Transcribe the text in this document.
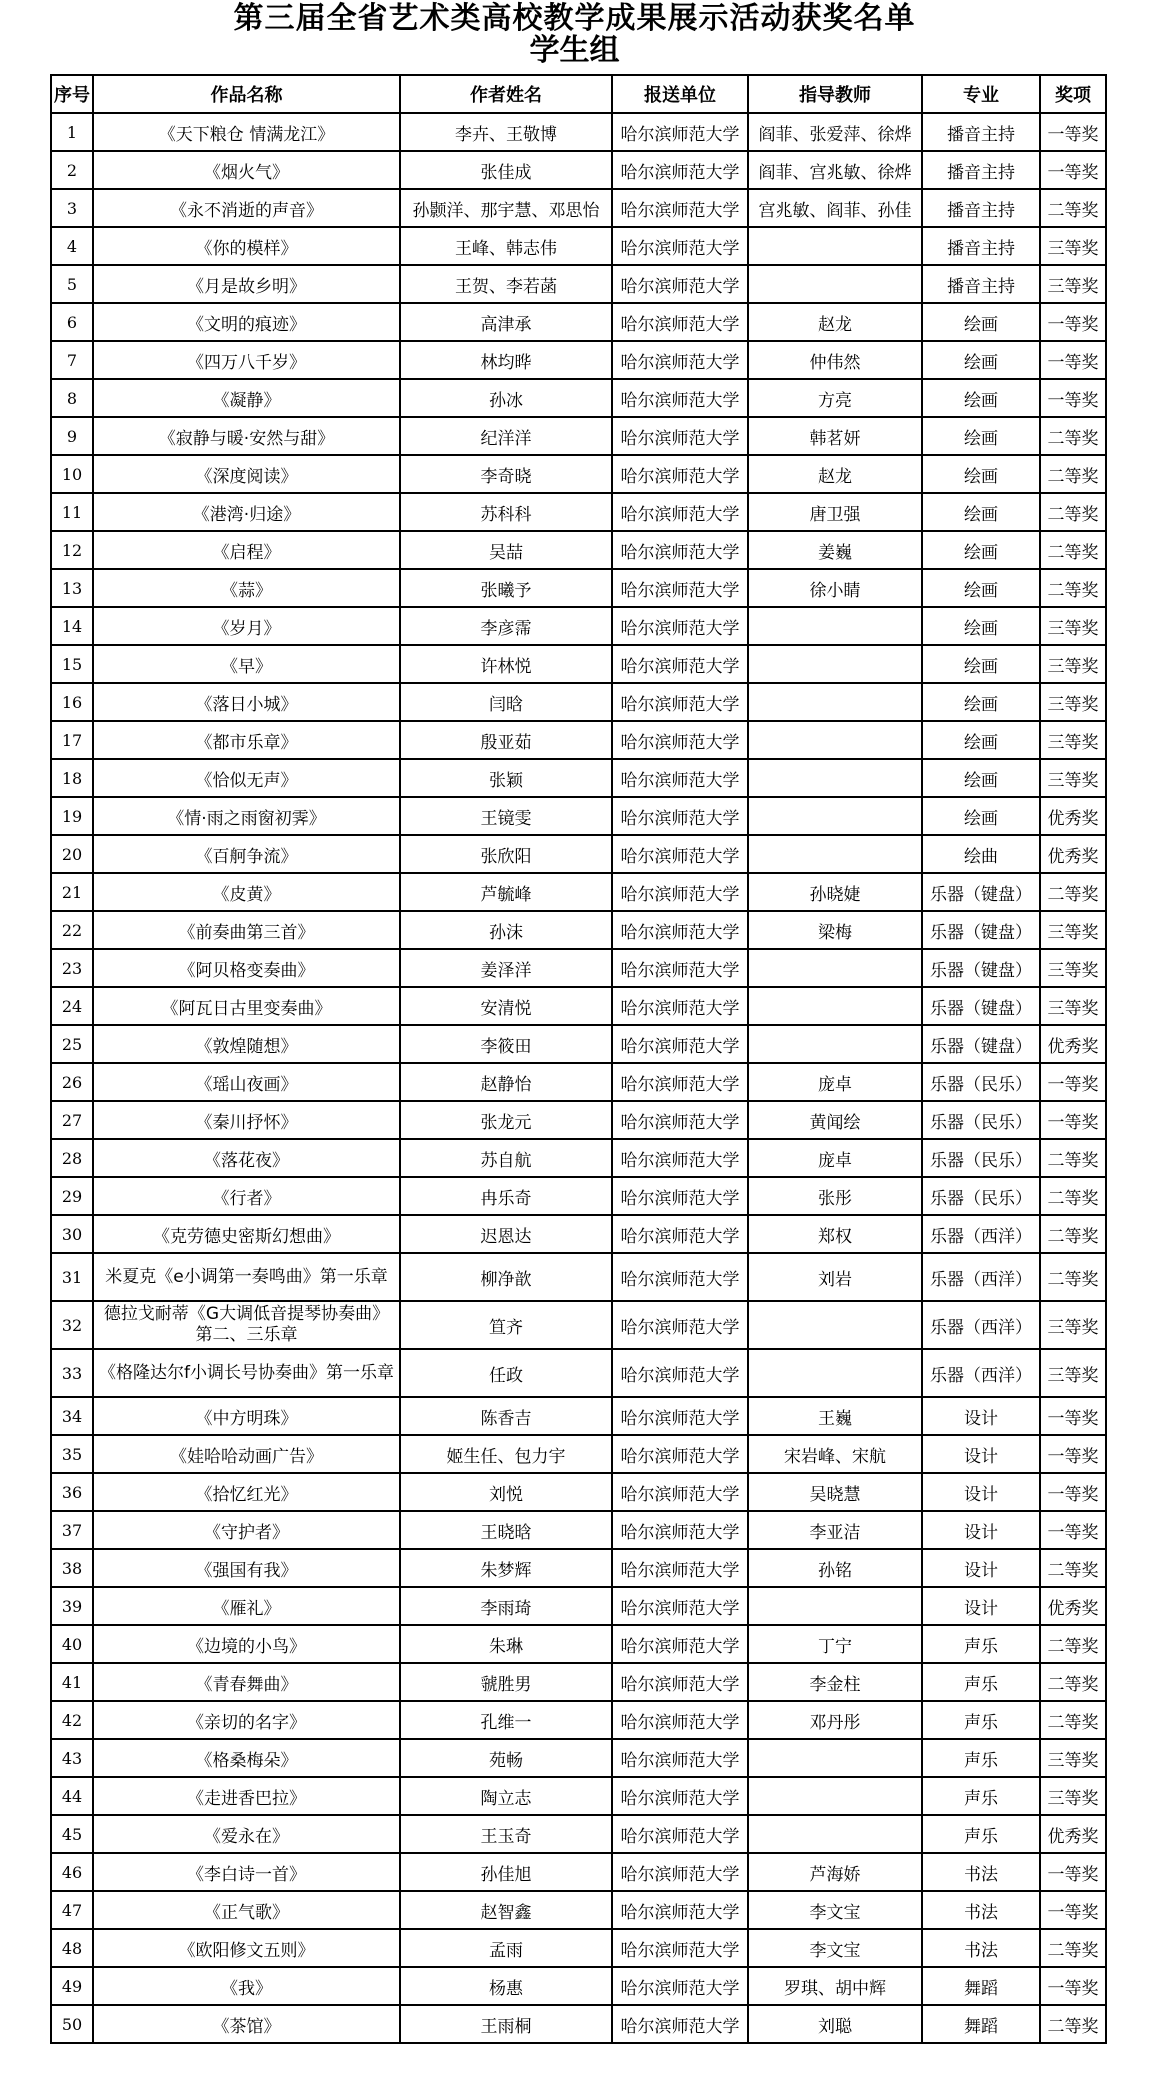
第三届全省艺术类高校教学成果展示活动获奖名单
学生组
序号	作品名称	作者姓名	报送单位	指导教师	专业	奖项
1	《天下粮仓 情满龙江》	李卉、王敬博	哈尔滨师范大学	阎菲、张爱萍、徐烨	播音主持	一等奖
2	《烟火气》	张佳成	哈尔滨师范大学	阎菲、宫兆敏、徐烨	播音主持	一等奖
3	《永不消逝的声音》	孙颢洋、那宇慧、邓思怡	哈尔滨师范大学	宫兆敏、阎菲、孙佳	播音主持	二等奖
4	《你的模样》	王峰、韩志伟	哈尔滨师范大学		播音主持	三等奖
5	《月是故乡明》	王贺、李若菡	哈尔滨师范大学		播音主持	三等奖
6	《文明的痕迹》	高津承	哈尔滨师范大学	赵龙	绘画	一等奖
7	《四万八千岁》	林均晔	哈尔滨师范大学	仲伟然	绘画	一等奖
8	《凝静》	孙冰	哈尔滨师范大学	方亮	绘画	一等奖
9	《寂静与暖·安然与甜》	纪洋洋	哈尔滨师范大学	韩茗妍	绘画	二等奖
10	《深度阅读》	李奇晓	哈尔滨师范大学	赵龙	绘画	二等奖
11	《港湾·归途》	苏科科	哈尔滨师范大学	唐卫强	绘画	二等奖
12	《启程》	吴喆	哈尔滨师范大学	姜巍	绘画	二等奖
13	《蒜》	张曦予	哈尔滨师范大学	徐小睛	绘画	二等奖
14	《岁月》	李彦霈	哈尔滨师范大学		绘画	三等奖
15	《早》	许林悦	哈尔滨师范大学		绘画	三等奖
16	《落日小城》	闫晗	哈尔滨师范大学		绘画	三等奖
17	《都市乐章》	殷亚茹	哈尔滨师范大学		绘画	三等奖
18	《恰似无声》	张颖	哈尔滨师范大学		绘画	三等奖
19	《情·雨之雨窗初霁》	王镜雯	哈尔滨师范大学		绘画	优秀奖
20	《百舸争流》	张欣阳	哈尔滨师范大学		绘曲	优秀奖
21	《皮黄》	芦毓峰	哈尔滨师范大学	孙晓婕	乐器（键盘）	二等奖
22	《前奏曲第三首》	孙沫	哈尔滨师范大学	梁梅	乐器（键盘）	三等奖
23	《阿贝格变奏曲》	姜泽洋	哈尔滨师范大学		乐器（键盘）	三等奖
24	《阿瓦日古里变奏曲》	安清悦	哈尔滨师范大学		乐器（键盘）	三等奖
25	《敦煌随想》	李筱田	哈尔滨师范大学		乐器（键盘）	优秀奖
26	《瑶山夜画》	赵静怡	哈尔滨师范大学	庞卓	乐器（民乐）	一等奖
27	《秦川抒怀》	张龙元	哈尔滨师范大学	黄闻绘	乐器（民乐）	一等奖
28	《落花夜》	苏自航	哈尔滨师范大学	庞卓	乐器（民乐）	二等奖
29	《行者》	冉乐奇	哈尔滨师范大学	张彤	乐器（民乐）	二等奖
30	《克劳德史密斯幻想曲》	迟恩达	哈尔滨师范大学	郑权	乐器（西洋）	二等奖
31	米夏克《e小调第一奏鸣曲》第一乐章	柳净歆	哈尔滨师范大学	刘岩	乐器（西洋）	二等奖
32	德拉戈耐蒂《G大调低音提琴协奏曲》第二、三乐章	笪齐	哈尔滨师范大学		乐器（西洋）	三等奖
33	《格隆达尔f小调长号协奏曲》第一乐章	任政	哈尔滨师范大学		乐器（西洋）	三等奖
34	《中方明珠》	陈香吉	哈尔滨师范大学	王巍	设计	一等奖
35	《娃哈哈动画广告》	姬生任、包力宇	哈尔滨师范大学	宋岩峰、宋航	设计	一等奖
36	《拾忆红光》	刘悦	哈尔滨师范大学	吴晓慧	设计	一等奖
37	《守护者》	王晓晗	哈尔滨师范大学	李亚洁	设计	一等奖
38	《强国有我》	朱梦辉	哈尔滨师范大学	孙铭	设计	二等奖
39	《雁礼》	李雨琦	哈尔滨师范大学		设计	优秀奖
40	《边境的小鸟》	朱琳	哈尔滨师范大学	丁宁	声乐	二等奖
41	《青春舞曲》	虢胜男	哈尔滨师范大学	李金柱	声乐	二等奖
42	《亲切的名字》	孔维一	哈尔滨师范大学	邓丹彤	声乐	二等奖
43	《格桑梅朵》	苑畅	哈尔滨师范大学		声乐	三等奖
44	《走进香巴拉》	陶立志	哈尔滨师范大学		声乐	三等奖
45	《爱永在》	王玉奇	哈尔滨师范大学		声乐	优秀奖
46	《李白诗一首》	孙佳旭	哈尔滨师范大学	芦海娇	书法	一等奖
47	《正气歌》	赵智鑫	哈尔滨师范大学	李文宝	书法	一等奖
48	《欧阳修文五则》	孟雨	哈尔滨师范大学	李文宝	书法	二等奖
49	《我》	杨惠	哈尔滨师范大学	罗琪、胡中辉	舞蹈	一等奖
50	《茶馆》	王雨桐	哈尔滨师范大学	刘聪	舞蹈	二等奖
